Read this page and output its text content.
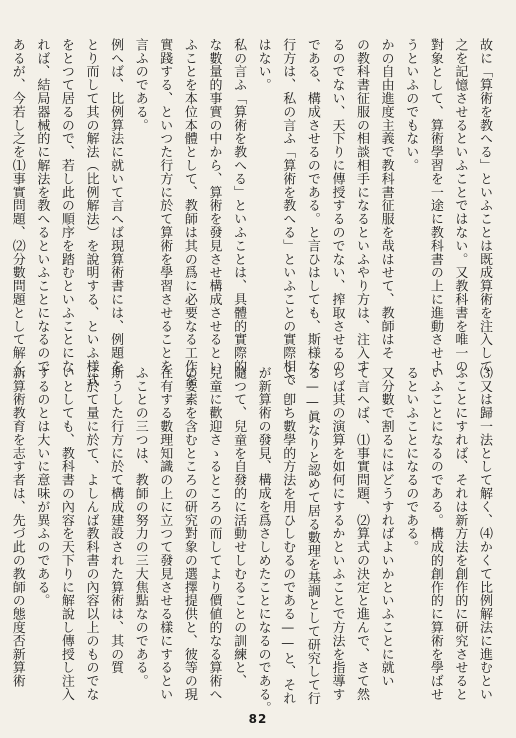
故に「算術を教へる」といふことは既成算術を注入して
之を記憶させるといふことではない。又教科書を唯一の
對象として、算術學習を一途に教科書の上に進動させよ
うといふのでもない。
かの自由進度主義で教科書征服を哉はせて、教師はそ
の教科書征服の相談相手になるといふやり方は、注入す
るのでない、天下りに傳授するのでない、搾取させるの
である、構成させるのである。と言ひはしても、斯様な
行方は、私の言ふ「算術を教へる」といふことの實際相で
はない。
私の言ふ「算術を教へる」といふことは、具體的實際的
な數量的事實の中から、算術を發見させ構成させるとい
ふことを本位本體として、教師は其の爲に必要なる工作を
實踐する、といつた行方に於て算術を學習させることを
言ふのである。
例へば、比例算法に就いて言へば現算術書には、例題を
とり而して其の解法（比例解法）を說明する、といふ様式
をとつて居るので、若し此の順序を踏むといふことにな
れば、結局器械的に解法を教へるといふことになるので
あるが、今若し之を⑴事實問題、⑵分數問題として解く、
⑶又は歸一法として解く、⑷かくて比例解法に進むとい
ふことにすれば、それは新方法を創作的に研究させると
いふことになるのである。構成的創作的に算術を學ばせ
るといふことになるのである。
又分數で割るにはどうすればよいかといふことに就い
て言へば、⑴事實問題、⑵算式の決定と進んで、さて然
らば其の演算を如何にするかといふことで方法を指導す
る——眞なりと認めて居る數理を基調として研究して行
く、卽ち數學的方法を用ひしむるのである——と、それ
が新算術の發見、構成を爲さしめたことになるのである。
隨つて、兒童を自發的に活動せしむることの訓練と、
兒童に歡迎さゝるところの而してより價値的なる算術へ
の要素を含むところの研究對象の選擇提供と、彼等の現
在有する數理知識の上に立つて發見させる樣にするとい
ふことの三つは、教師の努力の三大焦點なのである。
斯うした行方に於て構成建設された算術は、其の質
に於て量に於て、よしんば教科書の內容以上のものでな
いとしても、教科書の內容を天下りに解說し傳授し注入
するのとは大いに意味が異ふのである。
新算術教育を志す者は、先づ此の教師の態度否新算術
82
